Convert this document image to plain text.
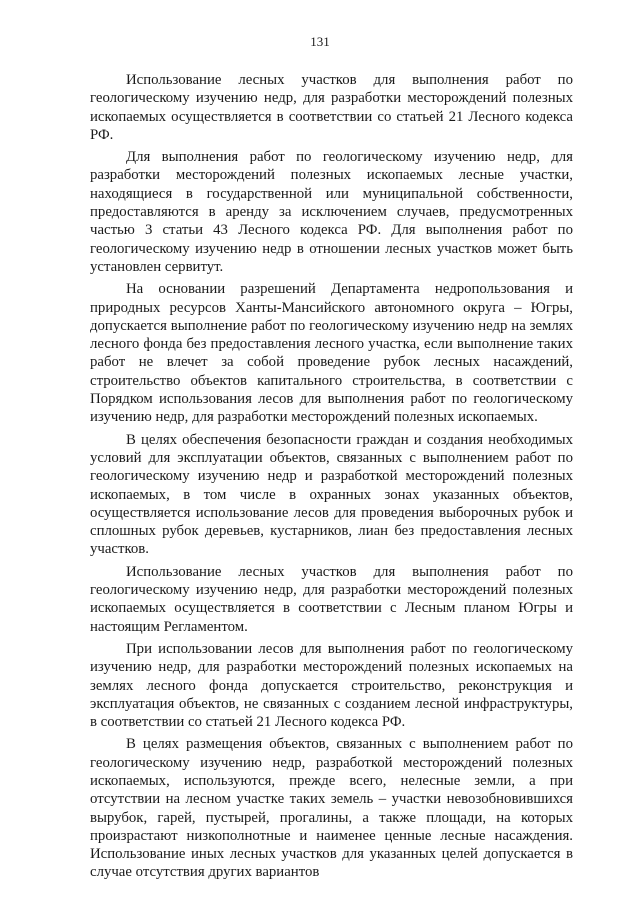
131

Использование лесных участков для выполнения работ по геологическому изучению недр, для разработки месторождений полезных ископаемых осуществляется в соответствии со статьей 21 Лесного кодекса РФ.

Для выполнения работ по геологическому изучению недр, для разработки месторождений полезных ископаемых лесные участки, находящиеся в государственной или муниципальной собственности, предоставляются в аренду за исключением случаев, предусмотренных частью 3 статьи 43 Лесного кодекса РФ. Для выполнения работ по геологическому изучению недр в отношении лесных участков может быть установлен сервитут.

На основании разрешений Департамента недропользования и природных ресурсов Ханты-Мансийского автономного округа – Югры, допускается выполнение работ по геологическому изучению недр на землях лесного фонда без предоставления лесного участка, если выполнение таких работ не влечет за собой проведение рубок лесных насаждений, строительство объектов капитального строительства, в соответствии с Порядком использования лесов для выполнения работ по геологическому изучению недр, для разработки месторождений полезных ископаемых.

В целях обеспечения безопасности граждан и создания необходимых условий для эксплуатации объектов, связанных с выполнением работ по геологическому изучению недр и разработкой месторождений полезных ископаемых, в том числе в охранных зонах указанных объектов, осуществляется использование лесов для проведения выборочных рубок и сплошных рубок деревьев, кустарников, лиан без предоставления лесных участков.

Использование лесных участков для выполнения работ по геологическому изучению недр, для разработки месторождений полезных ископаемых осуществляется в соответствии с Лесным планом Югры и настоящим Регламентом.

При использовании лесов для выполнения работ по геологическому изучению недр, для разработки месторождений полезных ископаемых на землях лесного фонда допускается строительство, реконструкция и эксплуатация объектов, не связанных с созданием лесной инфраструктуры, в соответствии со статьей 21 Лесного кодекса РФ.

В целях размещения объектов, связанных с выполнением работ по геологическому изучению недр, разработкой месторождений полезных ископаемых, используются, прежде всего, нелесные земли, а при отсутствии на лесном участке таких земель – участки невозобновившихся вырубок, гарей, пустырей, прогалины, а также площади, на которых произрастают низкополнотные и наименее ценные лесные насаждения. Использование иных лесных участков для указанных целей допускается в случае отсутствия других вариантов
